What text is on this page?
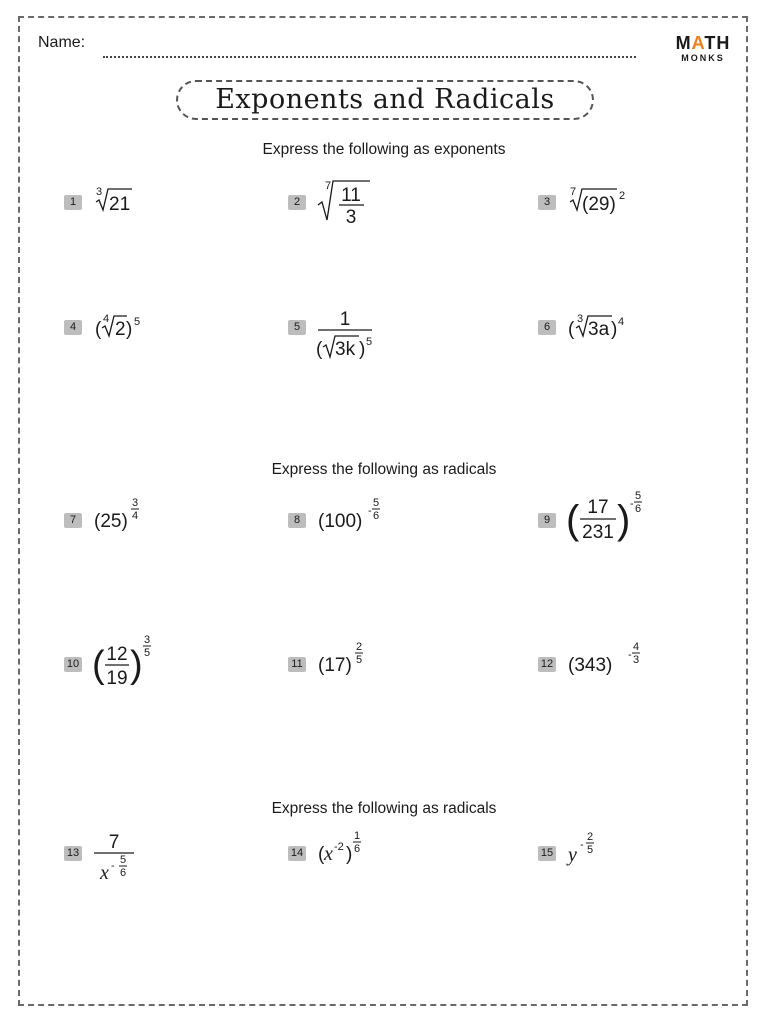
Name:	MATH
MONKS
Exponents and Radicals
Express the following as exponents
1
3
21	2
7 11
3
3
7
(29) 2
4 ( 4 2 ) 5	5	1
( 3k ) 5
6 ( 3 3a ) 4
Express the following as radicals
7 (25)
3
4	8 (100) -
5
6	9 ( 17
231 ) -
5
6
10 ( 12
19 )
3
5
11 (17)
2
5	12 (343) -
4
3
Express the following as radicals
13 7
x - 5
6
14 ( x -2 )
1
6	15 y -
2
5
